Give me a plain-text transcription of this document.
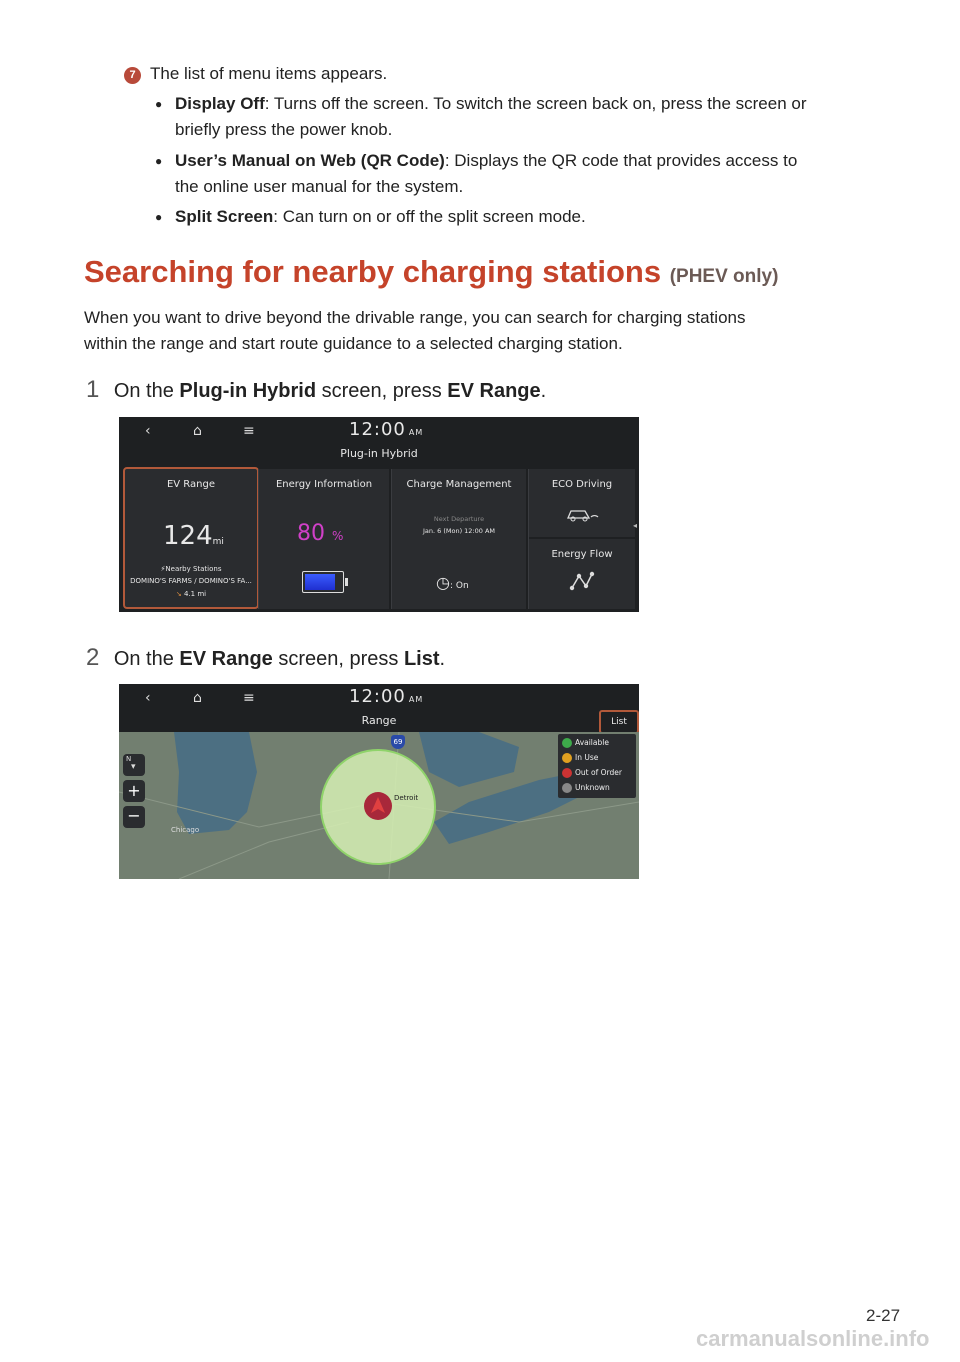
7 The list of menu items appears.
● Display Off: Turns off the screen. To switch the screen back on, press the screen or
briefly press the power knob.
● User’s Manual on Web (QR Code): Displays the QR code that provides access to
the online user manual for the system.
● Split Screen: Can turn on or off the split screen mode.
Searching for nearby charging stations (PHEV only)
When you want to drive beyond the drivable range, you can search for charging stations
within the range and start route guidance to a selected charging station.
1 On the Plug-in Hybrid screen, press EV Range.
‹	⌂	≡	12:00 AM
Plug-in Hybrid
EV Range
124mi
⚡Nearby Stations
DOMINO'S FARMS / DOMINO'S FA...
↘ 4.1 mi
Energy Information
80 %
Charge Management
Next Departure
Jan. 6 (Mon) 12:00 AM
◷: On
ECO Driving
Energy Flow
◂
2 On the EV Range screen, press List.
‹	⌂	≡	12:00 AM
Range	List
Detroit
Chicago
69
N
▾
+
−
Available
In Use
Out of Order
Unknown
2-27
carmanualsonline.info
